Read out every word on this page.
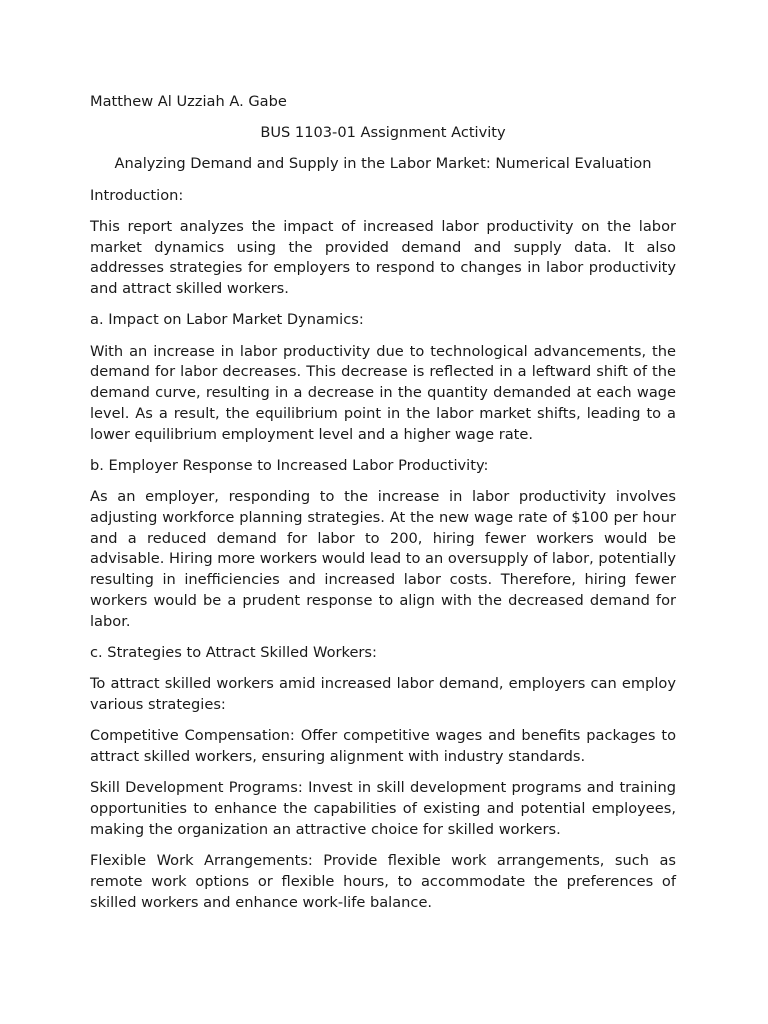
Matthew Al Uzziah A. Gabe
BUS 1103-01 Assignment Activity
Analyzing Demand and Supply in the Labor Market: Numerical Evaluation
Introduction:
This report analyzes the impact of increased labor productivity on the labor market dynamics using the provided demand and supply data. It also addresses strategies for employers to respond to changes in labor productivity and attract skilled workers.
a. Impact on Labor Market Dynamics:
With an increase in labor productivity due to technological advancements, the demand for labor decreases. This decrease is reflected in a leftward shift of the demand curve, resulting in a decrease in the quantity demanded at each wage level. As a result, the equilibrium point in the labor market shifts, leading to a lower equilibrium employment level and a higher wage rate.
b. Employer Response to Increased Labor Productivity:
As an employer, responding to the increase in labor productivity involves adjusting workforce planning strategies. At the new wage rate of $100 per hour and a reduced demand for labor to 200, hiring fewer workers would be advisable. Hiring more workers would lead to an oversupply of labor, potentially resulting in inefficiencies and increased labor costs. Therefore, hiring fewer workers would be a prudent response to align with the decreased demand for labor.
c. Strategies to Attract Skilled Workers:
To attract skilled workers amid increased labor demand, employers can employ various strategies:
Competitive Compensation: Offer competitive wages and benefits packages to attract skilled workers, ensuring alignment with industry standards.
Skill Development Programs: Invest in skill development programs and training opportunities to enhance the capabilities of existing and potential employees, making the organization an attractive choice for skilled workers.
Flexible Work Arrangements: Provide flexible work arrangements, such as remote work options or flexible hours, to accommodate the preferences of skilled workers and enhance work-life balance.
